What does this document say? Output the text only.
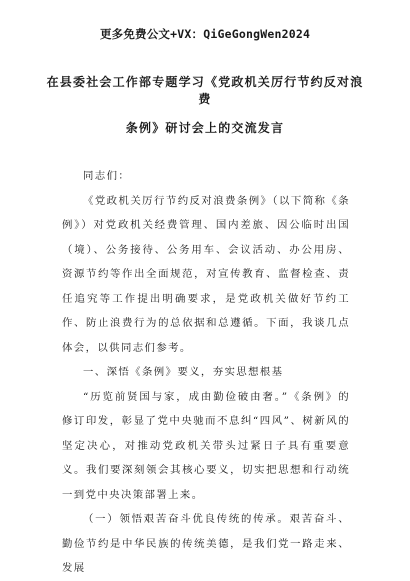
更多免费公文+VX：QiGeGongWen2024
在县委社会工作部专题学习《党政机关厉行节约反对浪费
条例》研讨会上的交流发言

同志们：

《党政机关厉行节约反对浪费条例》（以下简称《条例》）对党政机关经费管理、国内差旅、因公临时出国（境）、公务接待、公务用车、会议活动、办公用房、资源节约等作出全面规范，对宣传教育、监督检查、责任追究等工作提出明确要求，是党政机关做好节约工作、防止浪费行为的总依据和总遵循。下面，我谈几点体会，以供同志们参考。

一、深悟《条例》要义，夯实思想根基

“历览前贤国与家，成由勤俭破由奢。”《条例》的修订印发，彰显了党中央驰而不息纠“四风”、树新风的坚定决心，对推动党政机关带头过紧日子具有重要意义。我们要深刻领会其核心要义，切实把思想和行动统一到党中央决策部署上来。

（一）领悟艰苦奋斗优良传统的传承。艰苦奋斗、勤俭节约是中华民族的传统美德，是我们党一路走来、发展
